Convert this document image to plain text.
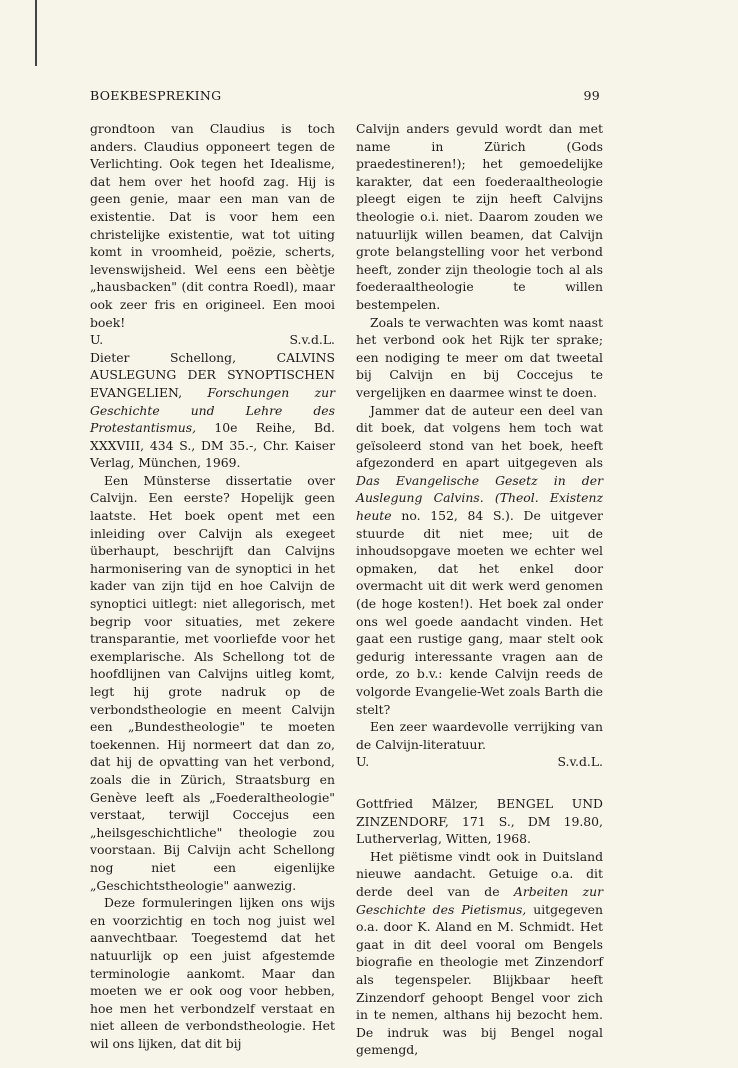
BOEKBESPREKING	99

grondtoon van Claudius is toch anders. Claudius opponeert tegen de Verlichting. Ook tegen het Idealisme, dat hem over het hoofd zag. Hij is geen genie, maar een man van de existentie. Dat is voor hem een christelijke existentie, wat tot uiting komt in vroomheid, poëzie, scherts, levenswijsheid. Wel eens een bèètje „hausbacken" (dit contra Roedl), maar ook zeer fris en origineel. Een mooi boek!

U.	S.v.d.L.

Dieter Schellong, CALVINS AUSLEGUNG DER SYNOPTISCHEN EVANGELIEN, Forschungen zur Geschichte und Lehre des Protestantismus, 10e Reihe, Bd. XXXVIII, 434 S., DM 35.-, Chr. Kaiser Verlag, München, 1969.

Een Münsterse dissertatie over Calvijn. Een eerste? Hopelijk geen laatste. Het boek opent met een inleiding over Calvijn als exegeet überhaupt, beschrijft dan Calvijns harmonisering van de synoptici in het kader van zijn tijd en hoe Calvijn de synoptici uitlegt: niet allegorisch, met begrip voor situaties, met zekere transparantie, met voorliefde voor het exemplarische. Als Schellong tot de hoofdlijnen van Calvijns uitleg komt, legt hij grote nadruk op de verbondstheologie en meent Calvijn een „Bundestheologie" te moeten toekennen. Hij normeert dat dan zo, dat hij de opvatting van het verbond, zoals die in Zürich, Straatsburg en Genève leeft als „Foederaltheologie" verstaat, terwijl Coccejus een „heilsgeschichtliche" theologie zou voorstaan. Bij Calvijn acht Schellong nog niet een eigenlijke „Geschichtstheologie" aanwezig.

Deze formuleringen lijken ons wijs en voorzichtig en toch nog juist wel aanvechtbaar. Toegestemd dat het natuurlijk op een juist afgestemde terminologie aankomt. Maar dan moeten we er ook oog voor hebben, hoe men het verbondzelf verstaat en niet alleen de verbondstheologie. Het wil ons lijken, dat dit bij

Calvijn anders gevuld wordt dan met name in Zürich (Gods praedestineren!); het gemoedelijke karakter, dat een foederaaltheologie pleegt eigen te zijn heeft Calvijns theologie o.i. niet. Daarom zouden we natuurlijk willen beamen, dat Calvijn grote belangstelling voor het verbond heeft, zonder zijn theologie toch al als foederaaltheologie te willen bestempelen.

Zoals te verwachten was komt naast het verbond ook het Rijk ter sprake; een nodiging te meer om dat tweetal bij Calvijn en bij Coccejus te vergelijken en daarmee winst te doen.

Jammer dat de auteur een deel van dit boek, dat volgens hem toch wat geïsoleerd stond van het boek, heeft afgezonderd en apart uitgegeven als Das Evangelische Gesetz in der Auslegung Calvins. (Theol. Existenz heute no. 152, 84 S.). De uitgever stuurde dit niet mee; uit de inhoudsopgave moeten we echter wel opmaken, dat het enkel door overmacht uit dit werk werd genomen (de hoge kosten!). Het boek zal onder ons wel goede aandacht vinden. Het gaat een rustige gang, maar stelt ook gedurig interessante vragen aan de orde, zo b.v.: kende Calvijn reeds de volgorde Evangelie-Wet zoals Barth die stelt?

Een zeer waardevolle verrijking van de Calvijn-literatuur.

U.	S.v.d.L.

Gottfried Mälzer, BENGEL UND ZINZENDORF, 171 S., DM 19.80, Lutherverlag, Witten, 1968.

Het piëtisme vindt ook in Duitsland nieuwe aandacht. Getuige o.a. dit derde deel van de Arbeiten zur Geschichte des Pietismus, uitgegeven o.a. door K. Aland en M. Schmidt. Het gaat in dit deel vooral om Bengels biografie en theologie met Zinzendorf als tegenspeler. Blijkbaar heeft Zinzendorf gehoopt Bengel voor zich in te nemen, althans hij bezocht hem. De indruk was bij Bengel nogal gemengd,
